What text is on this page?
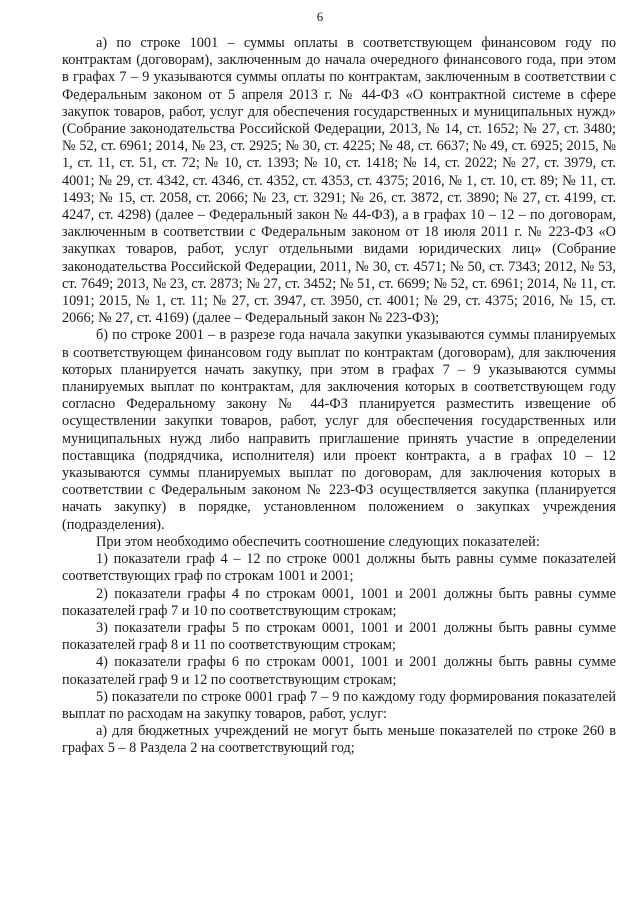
6

а) по строке 1001 – суммы оплаты в соответствующем финансовом году по контрактам (договорам), заключенным до начала очередного финансового года, при этом в графах 7 – 9 указываются суммы оплаты по контрактам, заключенным в соответствии с Федеральным законом от 5 апреля 2013 г. № 44-ФЗ «О контрактной системе в сфере закупок товаров, работ, услуг для обеспечения государственных и муниципальных нужд» (Собрание законодательства Российской Федерации, 2013, № 14, ст. 1652; № 27, ст. 3480; № 52, ст. 6961; 2014, № 23, ст. 2925; № 30, ст. 4225; № 48, ст. 6637; № 49, ст. 6925; 2015, № 1, ст. 11, ст. 51, ст. 72; № 10, ст. 1393; № 10, ст. 1418; № 14, ст. 2022; № 27, ст. 3979, ст. 4001; № 29, ст. 4342, ст. 4346, ст. 4352, ст. 4353, ст. 4375; 2016, № 1, ст. 10, ст. 89; № 11, ст. 1493; № 15, ст. 2058, ст. 2066; № 23, ст. 3291; № 26, ст. 3872, ст. 3890; № 27, ст. 4199, ст. 4247, ст. 4298) (далее – Федеральный закон № 44-ФЗ), а в графах 10 – 12 – по договорам, заключенным в соответствии с Федеральным законом от 18 июля 2011 г. № 223-ФЗ «О закупках товаров, работ, услуг отдельными видами юридических лиц» (Собрание законодательства Российской Федерации, 2011, № 30, ст. 4571; № 50, ст. 7343; 2012, № 53, ст. 7649; 2013, № 23, ст. 2873; № 27, ст. 3452; № 51, ст. 6699; № 52, ст. 6961; 2014, № 11, ст. 1091; 2015, № 1, ст. 11; № 27, ст. 3947, ст. 3950, ст. 4001; № 29, ст. 4375; 2016, № 15, ст. 2066; № 27, ст. 4169) (далее – Федеральный закон № 223-ФЗ);

б) по строке 2001 – в разрезе года начала закупки указываются суммы планируемых в соответствующем финансовом году выплат по контрактам (договорам), для заключения которых планируется начать закупку, при этом в графах 7 – 9 указываются суммы планируемых выплат по контрактам, для заключения которых в соответствующем году согласно Федеральному закону № 44-ФЗ планируется разместить извещение об осуществлении закупки товаров, работ, услуг для обеспечения государственных или муниципальных нужд либо направить приглашение принять участие в определении поставщика (подрядчика, исполнителя) или проект контракта, а в графах 10 – 12 указываются суммы планируемых выплат по договорам, для заключения которых в соответствии с Федеральным законом № 223-ФЗ осуществляется закупка (планируется начать закупку) в порядке, установленном положением о закупках учреждения (подразделения).

При этом необходимо обеспечить соотношение следующих показателей:

1) показатели граф 4 – 12 по строке 0001 должны быть равны сумме показателей соответствующих граф по строкам 1001 и 2001;

2) показатели графы 4 по строкам 0001, 1001 и 2001 должны быть равны сумме показателей граф 7 и 10 по соответствующим строкам;

3) показатели графы 5 по строкам 0001, 1001 и 2001 должны быть равны сумме показателей граф 8 и 11 по соответствующим строкам;

4) показатели графы 6 по строкам 0001, 1001 и 2001 должны быть равны сумме показателей граф 9 и 12 по соответствующим строкам;

5) показатели по строке 0001 граф 7 – 9 по каждому году формирования показателей выплат по расходам на закупку товаров, работ, услуг:

а) для бюджетных учреждений не могут быть меньше показателей по строке 260 в графах 5 – 8 Раздела 2 на соответствующий год;
